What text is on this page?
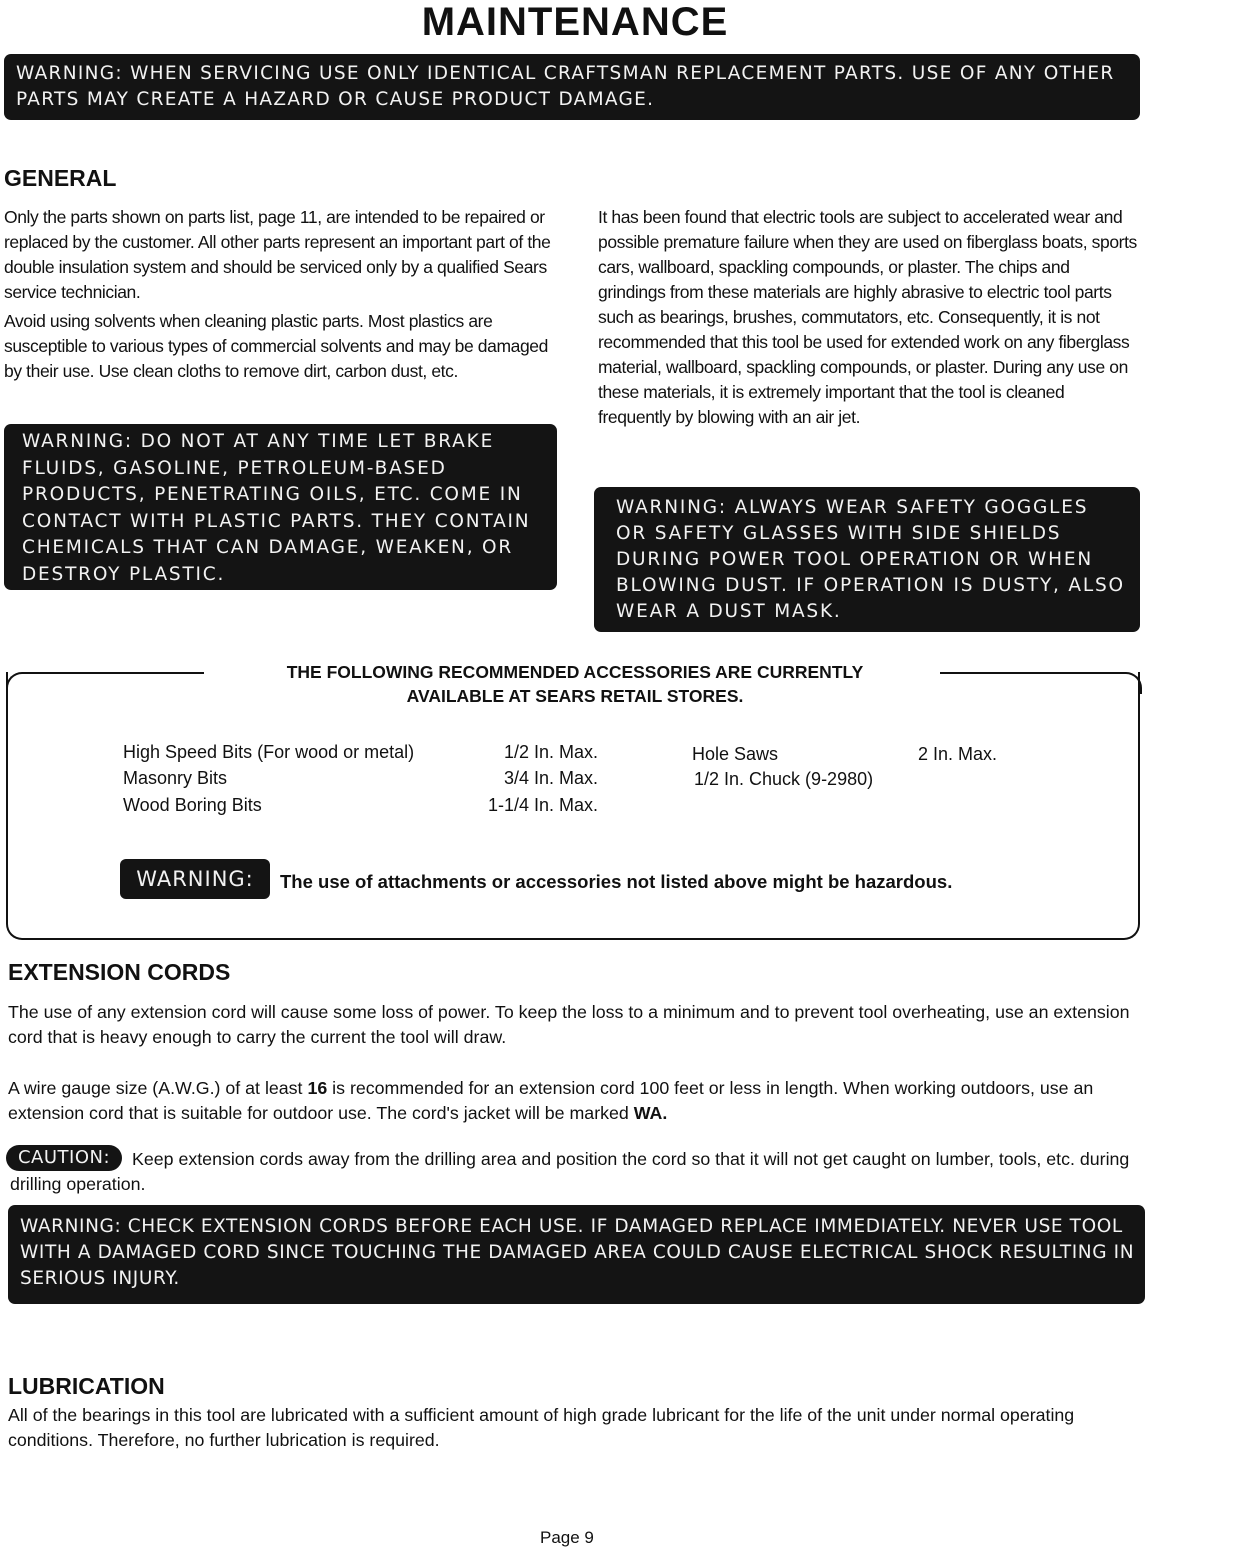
MAINTENANCE
WARNING: WHEN SERVICING USE ONLY IDENTICAL CRAFTSMAN REPLACEMENT PARTS. USE OF ANY OTHER PARTS MAY CREATE A HAZARD OR CAUSE PRODUCT DAMAGE.
GENERAL

Only the parts shown on parts list, page 11, are intended to be repaired or replaced by the customer. All other parts represent an important part of the double insulation system and should be serviced only by a qualified Sears service technician.

Avoid using solvents when cleaning plastic parts. Most plastics are susceptible to various types of commercial solvents and may be damaged by their use. Use clean cloths to remove dirt, carbon dust, etc.

WARNING: DO NOT AT ANY TIME LET BRAKE FLUIDS, GASOLINE, PETROLEUM-BASED PRODUCTS, PENETRATING OILS, ETC. COME IN CONTACT WITH PLASTIC PARTS. THEY CONTAIN CHEMICALS THAT CAN DAMAGE, WEAKEN, OR DESTROY PLASTIC.

It has been found that electric tools are subject to accelerated wear and possible premature failure when they are used on fiberglass boats, sports cars, wallboard, spackling compounds, or plaster. The chips and grindings from these materials are highly abrasive to electric tool parts such as bearings, brushes, commutators, etc. Consequently, it is not recommended that this tool be used for extended work on any fiberglass material, wallboard, spackling compounds, or plaster. During any use on these materials, it is extremely important that the tool is cleaned frequently by blowing with an air jet.

WARNING: ALWAYS WEAR SAFETY GOGGLES OR SAFETY GLASSES WITH SIDE SHIELDS DURING POWER TOOL OPERATION OR WHEN BLOWING DUST. IF OPERATION IS DUSTY, ALSO WEAR A DUST MASK.
THE FOLLOWING RECOMMENDED ACCESSORIES ARE CURRENTLY
AVAILABLE AT SEARS RETAIL STORES.
High Speed Bits (For wood or metal)	1/2 In. Max.
Masonry Bits	3/4 In. Max.
Wood Boring Bits	1-1/4 In. Max.
Hole Saws	2 In. Max.
1/2 In. Chuck (9-2980)
WARNING:	The use of attachments or accessories not listed above might be hazardous.
EXTENSION CORDS

The use of any extension cord will cause some loss of power. To keep the loss to a minimum and to prevent tool overheating, use an extension cord that is heavy enough to carry the current the tool will draw.

A wire gauge size (A.W.G.) of at least 16 is recommended for an extension cord 100 feet or less in length. When working outdoors, use an extension cord that is suitable for outdoor use. The cord's jacket will be marked WA.

CAUTION:	Keep extension cords away from the drilling area and position the cord so that it will not get caught on lumber, tools, etc. during drilling operation.

WARNING: CHECK EXTENSION CORDS BEFORE EACH USE. IF DAMAGED REPLACE IMMEDIATELY. NEVER USE TOOL WITH A DAMAGED CORD SINCE TOUCHING THE DAMAGED AREA COULD CAUSE ELECTRICAL SHOCK RESULTING IN SERIOUS INJURY.
LUBRICATION

All of the bearings in this tool are lubricated with a sufficient amount of high grade lubricant for the life of the unit under normal operating conditions. Therefore, no further lubrication is required.

Page 9
